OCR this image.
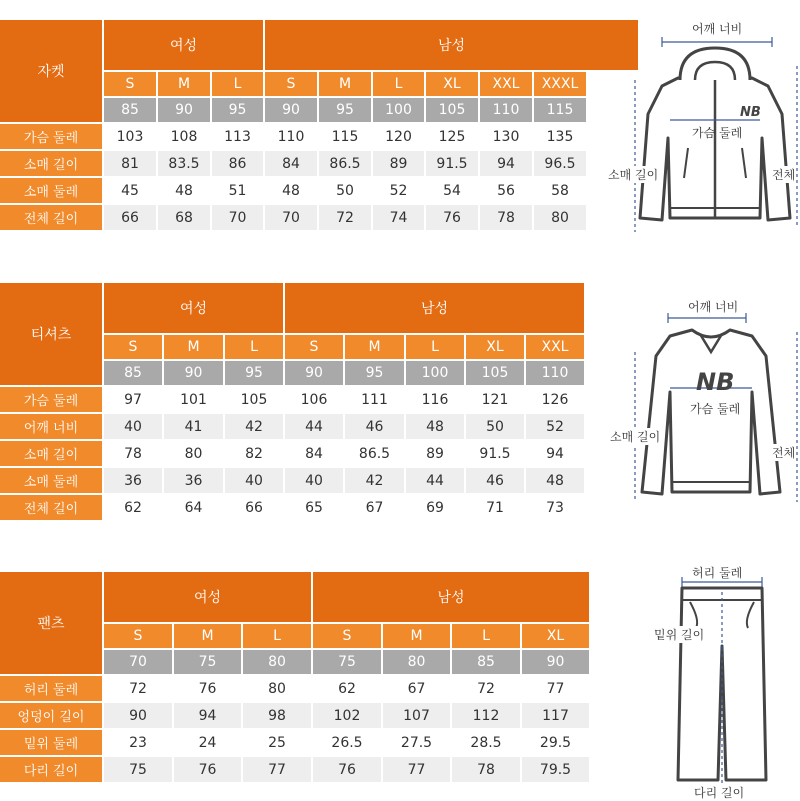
자켓
여성	남성
S	M	L	S	M	L	XL	XXL	XXXL
85	90	95	90	95	100	105	110	115
가슴 둘레	103	108	113	110	115	120	125	130	135
소매 길이	81	83.5	86	84	86.5	89	91.5	94	96.5
소매 둘레	45	48	51	48	50	52	54	56	58
전체 길이	66	68	70	70	72	74	76	78	80
티셔츠
여성	남성
S	M	L	S	M	L	XL	XXL
85	90	95	90	95	100	105	110
가슴 둘레	97	101	105	106	111	116	121	126
어깨 너비	40	41	42	44	46	48	50	52
소매 길이	78	80	82	84	86.5	89	91.5	94
소매 둘레	36	36	40	40	42	44	46	48
전체 길이	62	64	66	65	67	69	71	73
팬츠
여성	남성
S	M	L	S	M	L	XL
70	75	80	75	80	85	90
허리 둘레	72	76	80	62	67	72	77
엉덩이 길이	90	94	98	102	107	112	117
밑위 둘레	23	24	25	26.5	27.5	28.5	29.5
다리 길이	75	76	77	76	77	78	79.5
NB
어깨 너비
가슴 둘레
소매 길이	전체
NB
어깨 너비
가슴 둘레
소매 길이
전체
허리 둘레
밑위 길이
다리 길이
